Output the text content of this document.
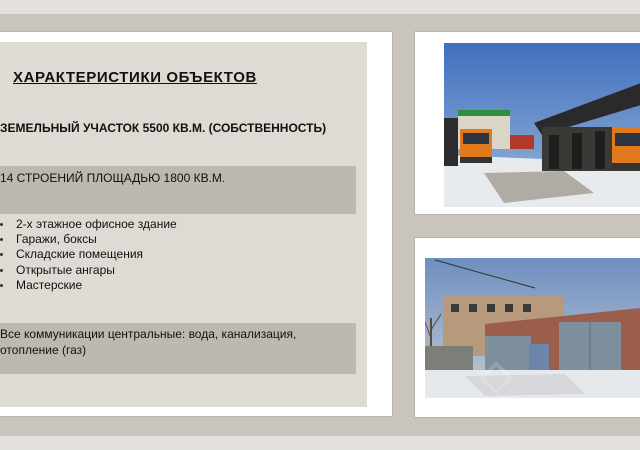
ХАРАКТЕРИСТИКИ ОБЪЕКТОВ

ЗЕМЕЛЬНЫЙ УЧАСТОК 5500 КВ.М. (СОБСТВЕННОСТЬ)

14 СТРОЕНИЙ ПЛОЩАДЬЮ 1800 КВ.М.
2-х этажное офисное здание
Гаражи, боксы
Складские помещения
Открытые ангары
Мастерские
Все коммуникации центральные: вода, канализация,
отопление (газ)
